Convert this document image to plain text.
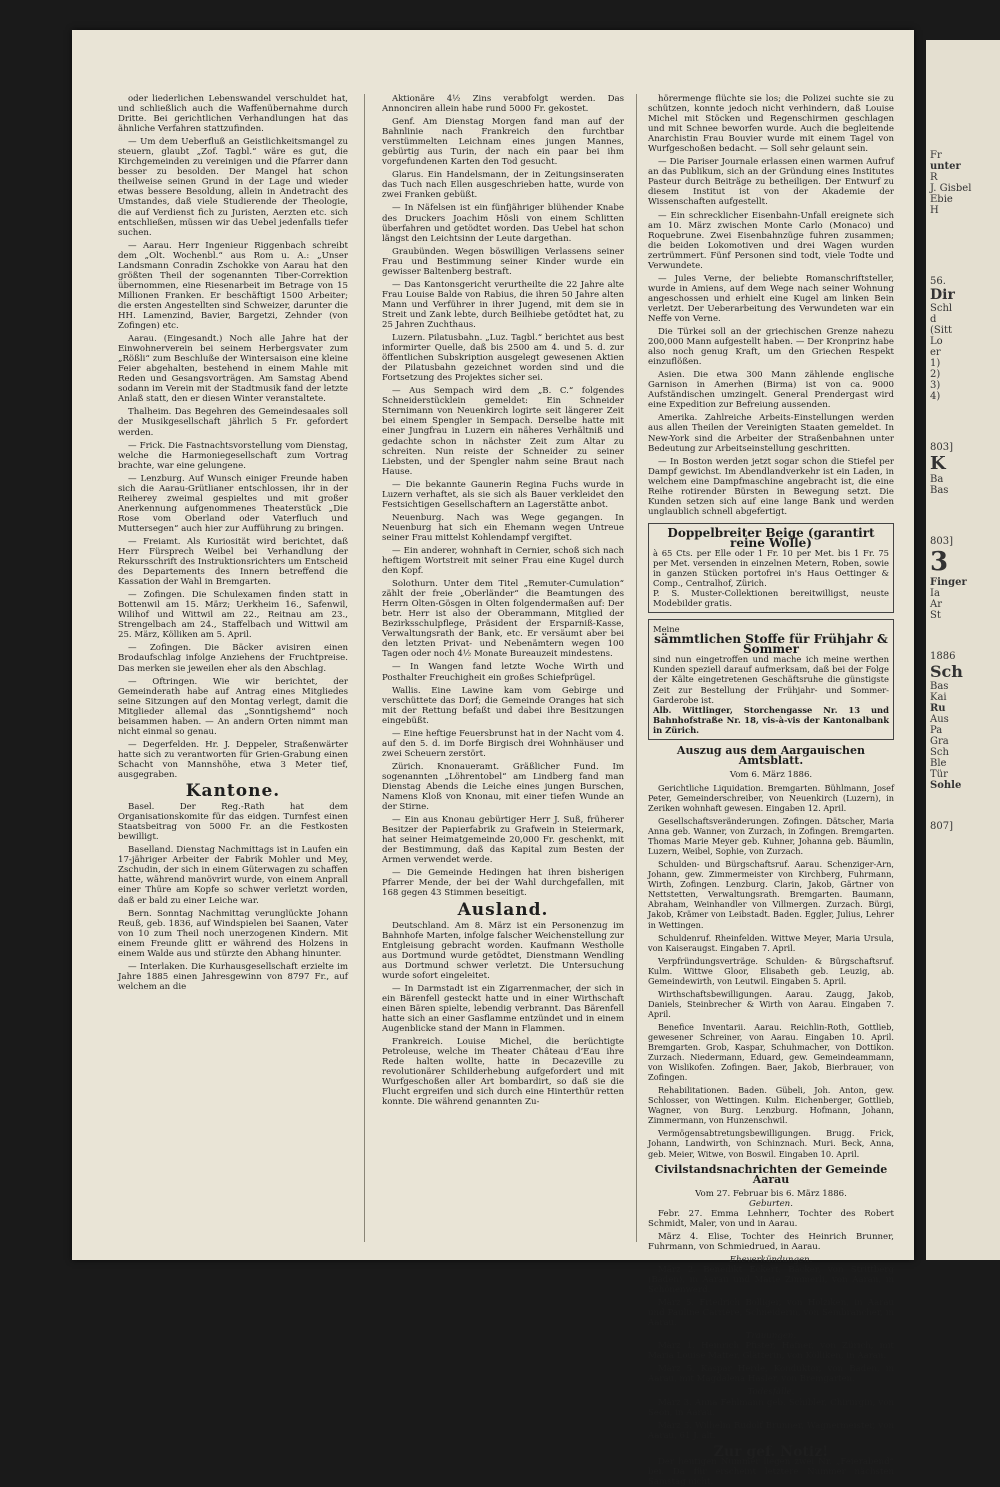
oder liederlichen Lebenswandel verschuldet hat, und schließlich auch die Waffenübernahme durch Dritte. Bei gerichtlichen Verhandlungen hat das ähnliche Verfahren stattzufinden.

— Um dem Ueberfluß an Geistlichkeitsmangel zu steuern, glaubt „Zof. Tagbl.“ wäre es gut, die Kirchgemeinden zu vereinigen und die Pfarrer dann besser zu besolden. Der Mangel hat schon theilweise seinen Grund in der Lage und wieder etwas bessere Besoldung, allein in Andetracht des Umstandes, daß viele Studierende der Theologie, die auf Verdienst fich zu Juristen, Aerzten etc. sich entschließen, müssen wir das Uebel jedenfalls tiefer suchen.

— Aarau. Herr Ingenieur Riggenbach schreibt dem „Olt. Wochenbl.“ aus Rom u. A.: „Unser Landsmann Conradin Zschokke von Aarau hat den größten Theil der sogenannten Tiber-Correktion übernommen, eine Riesenarbeit im Betrage von 15 Millionen Franken. Er beschäftigt 1500 Arbeiter; die ersten Angestellten sind Schweizer, darunter die HH. Lamenzind, Bavier, Bargetzi, Zehnder (von Zofingen) etc.

Aarau. (Eingesandt.) Noch alle Jahre hat der Einwohnerverein bei seinem Herbergsvater zum „Rößli“ zum Beschluße der Wintersaison eine kleine Feier abgehalten, bestehend in einem Mahle mit Reden und Gesangsvorträgen. Am Samstag Abend sodann im Verein mit der Stadtmusik fand der letzte Anlaß statt, den er diesen Winter veranstaltete.

Thalheim. Das Begehren des Gemeindesaales soll der Musikgesellschaft jährlich 5 Fr. gefordert werden.

— Frick. Die Fastnachtsvorstellung vom Dienstag, welche die Harmoniegesellschaft zum Vortrag brachte, war eine gelungene.

— Lenzburg. Auf Wunsch einiger Freunde haben sich die Aarau-Grütlianer entschlossen, ihr in der Reiherey zweimal gespieltes und mit großer Anerkennung aufgenommenes Theaterstück „Die Rose vom Oberland oder Vaterfluch und Muttersegen“ auch hier zur Aufführung zu bringen.

— Freiamt. Als Kuriosität wird berichtet, daß Herr Fürsprech Weibel bei Verhandlung der Rekursschrift des Instruktionsrichters um Entscheid des Departements des Innern betreffend die Kassation der Wahl in Bremgarten.

— Zofingen. Die Schulexamen finden statt in Bottenwil am 15. März; Uerkheim 16., Safenwil, Wilihof und Wittwil am 22., Reitnau am 23., Strengelbach am 24., Staffelbach und Wittwil am 25. März, Kölliken am 5. April.

— Zofingen. Die Bäcker avisiren einen Brodaufschlag infolge Anziehens der Fruchtpreise. Das merken sie jeweilen eher als den Abschlag.

— Oftringen. Wie wir berichtet, der Gemeinderath habe auf Antrag eines Mitgliedes seine Sitzungen auf den Montag verlegt, damit die Mitglieder allemal das „Sonntigshemd“ noch beisammen haben. — An andern Orten nimmt man nicht einmal so genau.

— Degerfelden. Hr. J. Deppeler, Straßenwärter hatte sich zu verantworten für Grien-Grabung einen Schacht von Mannshöhe, etwa 3 Meter tief, ausgegraben.

Kantone.

Basel. Der Reg.-Rath hat dem Organisationskomite für das eidgen. Turnfest einen Staatsbeitrag von 5000 Fr. an die Festkosten bewilligt.

Baselland. Dienstag Nachmittags ist in Laufen ein 17-jähriger Arbeiter der Fabrik Mohler und Mey, Zschudin, der sich in einem Güterwagen zu schaffen hatte, während manövrirt wurde, von einem Anprall einer Thüre am Kopfe so schwer verletzt worden, daß er bald zu einer Leiche war.

Bern. Sonntag Nachmittag verunglückte Johann Reuß, geb. 1836, auf Windspielen bei Saanen, Vater von 10 zum Theil noch unerzogenen Kindern. Mit einem Freunde glitt er während des Holzens in einem Walde aus und stürzte den Abhang hinunter.

— Interlaken. Die Kurhausgesellschaft erzielte im Jahre 1885 einen Jahresgewinn von 8797 Fr., auf welchem an die

Aktionäre 4½ Zins verabfolgt werden. Das Annonciren allein habe rund 5000 Fr. gekostet.

Genf. Am Dienstag Morgen fand man auf der Bahnlinie nach Frankreich den furchtbar verstümmelten Leichnam eines jungen Mannes, gebürtig aus Turin, der nach ein paar bei ihm vorgefundenen Karten den Tod gesucht.

Glarus. Ein Handelsmann, der in Zeitungsinseraten das Tuch nach Ellen ausgeschrieben hatte, wurde von zwei Franken gebüßt.

— In Näfelsen ist ein fünfjähriger blühender Knabe des Druckers Joachim Hösli von einem Schlitten überfahren und getödtet worden. Das Uebel hat schon längst den Leichtsinn der Leute dargethan.

Graubünden. Wegen böswilligen Verlassens seiner Frau und Bestimmung seiner Kinder wurde ein gewisser Baltenberg bestraft.

— Das Kantonsgericht verurtheilte die 22 Jahre alte Frau Louise Balde von Rabius, die ihren 50 Jahre alten Mann und Verführer in ihrer Jugend, mit dem sie in Streit und Zank lebte, durch Beilhiebe getödtet hat, zu 25 Jahren Zuchthaus.

Luzern. Pilatusbahn. „Luz. Tagbl.“ berichtet aus best informirter Quelle, daß bis 2500 am 4. und 5. d. zur öffentlichen Subskription ausgelegt gewesenen Aktien der Pilatusbahn gezeichnet worden sind und die Fortsetzung des Projektes sicher sei.

— Aus Sempach wird dem „B. C.“ folgendes Schneiderstücklein gemeldet: Ein Schneider Sternimann von Neuenkirch logirte seit längerer Zeit bei einem Spengler in Sempach. Derselbe hatte mit einer Jungfrau in Luzern ein näheres Verhältniß und gedachte schon in nächster Zeit zum Altar zu schreiten. Nun reiste der Schneider zu seiner Liebsten, und der Spengler nahm seine Braut nach Hause.

— Die bekannte Gaunerin Regina Fuchs wurde in Luzern verhaftet, als sie sich als Bauer verkleidet den Festsichtigen Gesellschaftern an Lagerstätte anbot.

Neuenburg. Nach was Wege gegangen. In Neuenburg hat sich ein Ehemann wegen Untreue seiner Frau mittelst Kohlendampf vergiftet.

— Ein anderer, wohnhaft in Cernier, schoß sich nach heftigem Wortstreit mit seiner Frau eine Kugel durch den Kopf.

Solothurn. Unter dem Titel „Remuter-Cumulation“ zählt der freie „Oberländer“ die Beamtungen des Herrn Olten-Gösgen in Olten folgendermaßen auf: Der betr. Herr ist also der Oberammann, Mitglied der Bezirksschulpflege, Präsident der Ersparniß-Kasse, Verwaltungsrath der Bank, etc. Er versäumt aber bei den letzten Privat- und Nebenämtern wegen 100 Tagen oder noch 4½ Monate Bureauzeit mindestens.

— In Wangen fand letzte Woche Wirth und Posthalter Freuchigheit ein großes Schiefprügel.

Wallis. Eine Lawine kam vom Gebirge und verschüttete das Dorf; die Gemeinde Oranges hat sich mit der Rettung befaßt und dabei ihre Besitzungen eingebüßt.

— Eine heftige Feuersbrunst hat in der Nacht vom 4. auf den 5. d. im Dorfe Birgisch drei Wohnhäuser und zwei Scheuern zerstört.

Zürich. Knonaueramt. Gräßlicher Fund. Im sogenannten „Löhrentobel“ am Lindberg fand man Dienstag Abends die Leiche eines jungen Burschen, Namens Kloß von Knonau, mit einer tiefen Wunde an der Stirne.

— Ein aus Knonau gebürtiger Herr J. Suß, früherer Besitzer der Papierfabrik zu Grafwein in Steiermark, hat seiner Heimatgemeinde 20,000 Fr. geschenkt, mit der Bestimmung, daß das Kapital zum Besten der Armen verwendet werde.

— Die Gemeinde Hedingen hat ihren bisherigen Pfarrer Mende, der bei der Wahl durchgefallen, mit 168 gegen 43 Stimmen beseitigt.

Ausland.

Deutschland. Am 8. März ist ein Personenzug im Bahnhofe Marten, infolge falscher Weichenstellung zur Entgleisung gebracht worden. Kaufmann Westholle aus Dortmund wurde getödtet, Dienstmann Wendling aus Dortmund schwer verletzt. Die Untersuchung wurde sofort eingeleitet.

— In Darmstadt ist ein Zigarrenmacher, der sich in ein Bärenfell gesteckt hatte und in einer Wirthschaft einen Bären spielte, lebendig verbrannt. Das Bärenfell hatte sich an einer Gasflamme entzündet und in einem Augenblicke stand der Mann in Flammen.

Frankreich. Louise Michel, die berüchtigte Petroleuse, welche im Theater Château d’Eau ihre Rede halten wollte, hatte in Decazeville zu revolutionärer Schilderhebung aufgefordert und mit Wurfgeschoßen aller Art bombardirt, so daß sie die Flucht ergreifen und sich durch eine Hinterthür retten konnte. Die während genannten Zu-

hörermenge flüchte sie los; die Polizei suchte sie zu schützen, konnte jedoch nicht verhindern, daß Louise Michel mit Stöcken und Regenschirmen geschlagen und mit Schnee beworfen wurde. Auch die begleitende Anarchistin Frau Bouvier wurde mit einem Tagel von Wurfgeschoßen bedacht. — Soll sehr gelaunt sein.

— Die Pariser Journale erlassen einen warmen Aufruf an das Publikum, sich an der Gründung eines Institutes Pasteur durch Beiträge zu betheiligen. Der Entwurf zu diesem Institut ist von der Akademie der Wissenschaften aufgestellt.

— Ein schrecklicher Eisenbahn-Unfall ereignete sich am 10. März zwischen Monte Carlo (Monaco) und Roquebrune. Zwei Eisenbahnzüge fuhren zusammen; die beiden Lokomotiven und drei Wagen wurden zertrümmert. Fünf Personen sind todt, viele Todte und Verwundete.

— Jules Verne, der beliebte Romanschriftsteller, wurde in Amiens, auf dem Wege nach seiner Wohnung angeschossen und erhielt eine Kugel am linken Bein verletzt. Der Ueberarbeitung des Verwundeten war ein Neffe von Verne.

Die Türkei soll an der griechischen Grenze nahezu 200,000 Mann aufgestellt haben. — Der Kronprinz habe also noch genug Kraft, um den Griechen Respekt einzuflößen.

Asien. Die etwa 300 Mann zählende englische Garnison in Amerhen (Birma) ist von ca. 9000 Aufständischen umzingelt. General Prendergast wird eine Expedition zur Befreiung aussenden.

Amerika. Zahlreiche Arbeits-Einstellungen werden aus allen Theilen der Vereinigten Staaten gemeldet. In New-York sind die Arbeiter der Straßenbahnen unter Bedeutung zur Arbeitseinstellung geschritten.

— In Boston werden jetzt sogar schon die Stiefel per Dampf gewichst. Im Abendlandverkehr ist ein Laden, in welchem eine Dampfmaschine angebracht ist, die eine Reihe rotirender Bürsten in Bewegung setzt. Die Kunden setzen sich auf eine lange Bank und werden unglaublich schnell abgefertigt.

Doppelbreiter Beige (garantirt reine Wolle)
à 65 Cts. per Elle oder 1 Fr. 10 per Met. bis 1 Fr. 75 per Met. versenden in einzelnen Metern, Roben, sowie in ganzen Stücken portofrei in's Haus Oettinger & Comp., Centralhof, Zürich.
P. S. Muster-Collektionen bereitwilligst, neuste Modebilder gratis.
Meine
sämmtlichen Stoffe für Frühjahr & Sommer
sind nun eingetroffen und mache ich meine werthen Kunden speziell darauf aufmerksam, daß bei der Folge der Kälte eingetretenen Geschäftsruhe die günstigste Zeit zur Bestellung der Frühjahr- und Sommer-Garderobe ist.
Alb. Wittlinger, Storchengasse Nr. 13 und Bahnhofstraße Nr. 18, vis-à-vis der Kantonalbank in Zürich.
Auszug aus dem Aargauischen Amtsblatt.
Vom 6. März 1886.

Gerichtliche Liquidation. Bremgarten. Bühlmann, Josef Peter, Gemeinderschreiber, von Neuenkirch (Luzern), in Zeriken wohnhaft gewesen. Eingaben 12. April.

Gesellschaftsveränderungen. Zofingen. Dätscher, Maria Anna geb. Wanner, von Zurzach, in Zofingen. Bremgarten. Thomas Marie Meyer geb. Kuhner, Johanna geb. Bäumlin, Luzern, Weibel, Sophie, von Zurzach.

Schulden- und Bürgschaftsruf. Aarau. Schenziger-Arn, Johann, gew. Zimmermeister von Kirchberg, Fuhrmann, Wirth, Zofingen. Lenzburg. Clarin, Jakob, Gärtner von Nettstetten, Verwaltungsrath. Bremgarten. Baumann, Abraham, Weinhandler von Villmergen. Zurzach. Bürgi, Jakob, Krämer von Leibstadt. Baden. Eggler, Julius, Lehrer in Wettingen.

Schuldenruf. Rheinfelden. Wittwe Meyer, Maria Ursula, von Kaiseraugst. Eingaben 7. April.

Verpfründungsverträge. Schulden- & Bürgschaftsruf. Kulm. Wittwe Gloor, Elisabeth geb. Leuzig, ab. Gemeindewirth, von Leutwil. Eingaben 5. April.

Wirthschaftsbewilligungen. Aarau. Zaugg, Jakob, Daniels, Steinbrecher & Wirth von Aarau. Eingaben 7. April.

Benefice Inventarii. Aarau. Reichlin-Roth, Gottlieb, gewesener Schreiner, von Aarau. Eingaben 10. April. Bremgarten. Grob, Kaspar, Schuhmacher, von Dottikon. Zurzach. Niedermann, Eduard, gew. Gemeindeammann, von Wislikofen. Zofingen. Baer, Jakob, Bierbrauer, von Zofingen.

Rehabilitationen. Baden. Gübeli, Joh. Anton, gew. Schlosser, von Wettingen. Kulm. Eichenberger, Gottlieb, Wagner, von Burg. Lenzburg. Hofmann, Johann, Zimmermann, von Hunzenschwil.

Vermögensabtretungsbewilligungen. Brugg. Frick, Johann, Landwirth, von Schinznach. Muri. Beck, Anna, geb. Meier, Witwe, von Boswil. Eingaben 10. April.

Civilstandsnachrichten der Gemeinde Aarau
Vom 27. Februar bis 6. März 1886.
Geburten.

Febr. 27. Emma Lehnherr, Tochter des Robert Schmidt, Maler, von und in Aarau.

März 4. Elise, Tochter des Heinrich Brunner, Fuhrmann, von Schmiedrued, in Aarau.

Eheverkündungen.

März 2. Benedikt Eckert, Bäcker, von Strittberg (Baden), in Aarau und Marie Zimmerli, von Aarau, in Schönenwerd.

März 5. Friedrich Bolliger, von Holziken, in Aarau und Pauline Carrière, Schneiderin, von Sembrancher, in Aarau.

Trauungen.

März 1. Heinrich Pfister, Hafner, von Zürich, mit Maria Louise Matter, Glätterin, von Kölliken, in Aarau.

März 5. Kaspar Herde, Konduktor, von Baden, in Aarau, mit Magdalena Hasler, von Bremgarten.

Todesfälle.

März 3. Anna Fehlmann geb. Schibler, Chirurgin, von Seon, in Aarau.

März 5. Wilhelm Rudolf Brunner, Wagnermeister, von Aarau, 61 J. alt.

Zur gef. Notiz!

Der heutigen Nummer liegen zwei Nr. „Feierabend“ bei. Da für erscheint letztere Nummer nächsten Samstag nicht.

Fr
unter
R
J. Gisbel
Ebie
H
56.
Dir
Schl
d
(Sitt
Lo
er
1)
2)
3)
4)
803]
K
Ba
Bas
803]
3
Finger
Ia
Ar
St
1886
Sch
Bas
Kai
Ru
Aus
Pa
Gra
Sch
Ble
Tür
Sohle
807]
